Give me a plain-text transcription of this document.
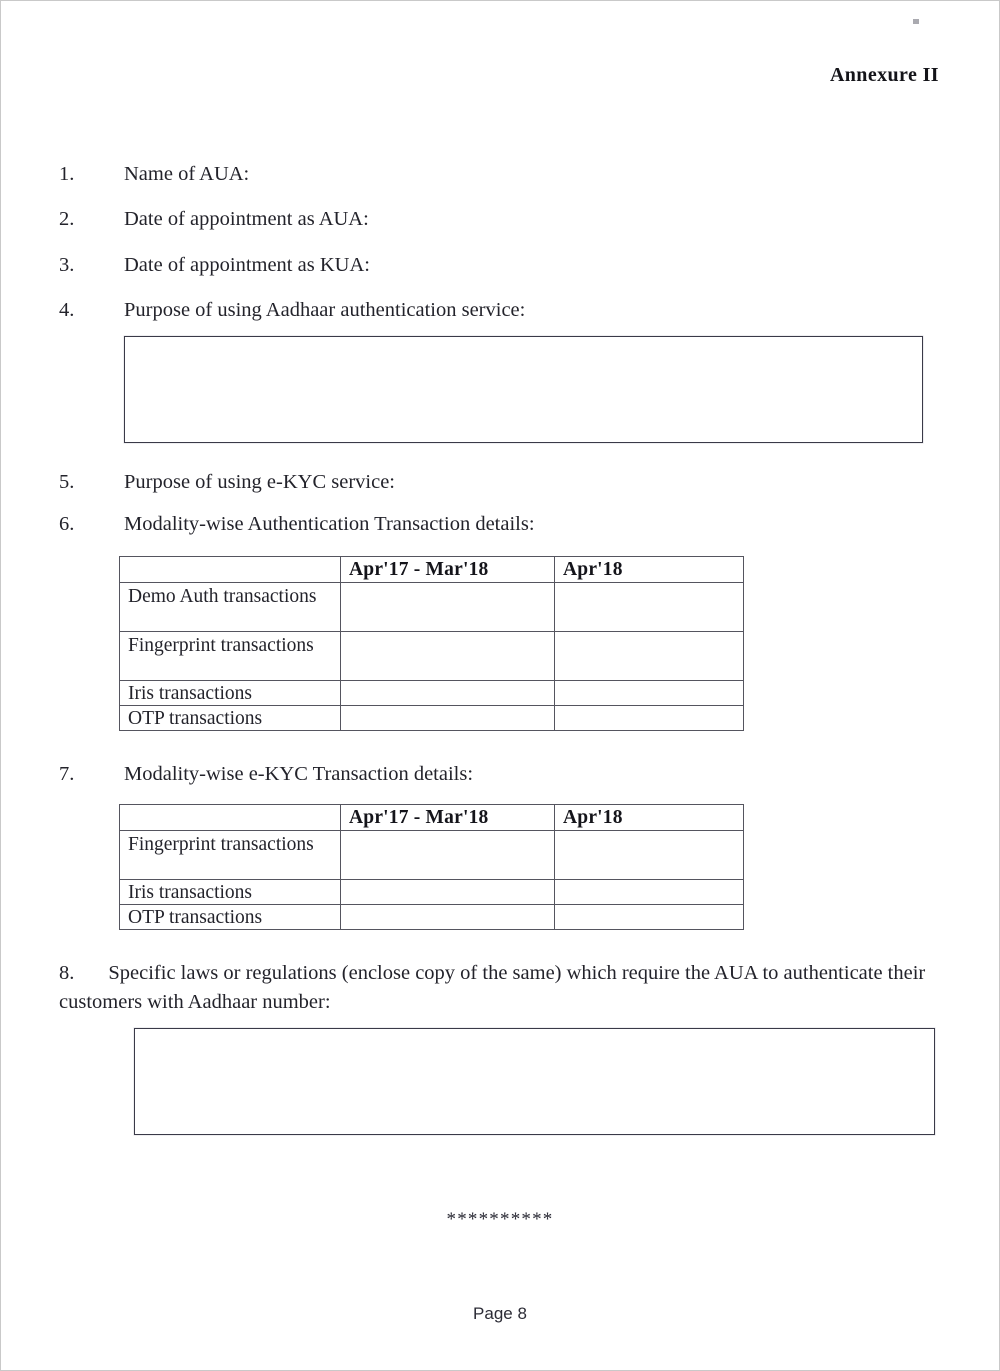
Annexure II
1.	Name of AUA:
2.	Date of appointment as AUA:
3.	Date of appointment as KUA:
4.	Purpose of using Aadhaar authentication service:
5.	Purpose of using e-KYC service:
6.	Modality-wise Authentication Transaction details:
	Apr'17 - Mar'18	Apr'18
Demo Auth transactions		
Fingerprint transactions		
Iris transactions		
OTP transactions		
7.	Modality-wise e-KYC Transaction details:
	Apr'17 - Mar'18	Apr'18
Fingerprint transactions		
Iris transactions		
OTP transactions		
8. Specific laws or regulations (enclose copy of the same) which require the AUA to authenticate their customers with Aadhaar number:
**********
Page 8
